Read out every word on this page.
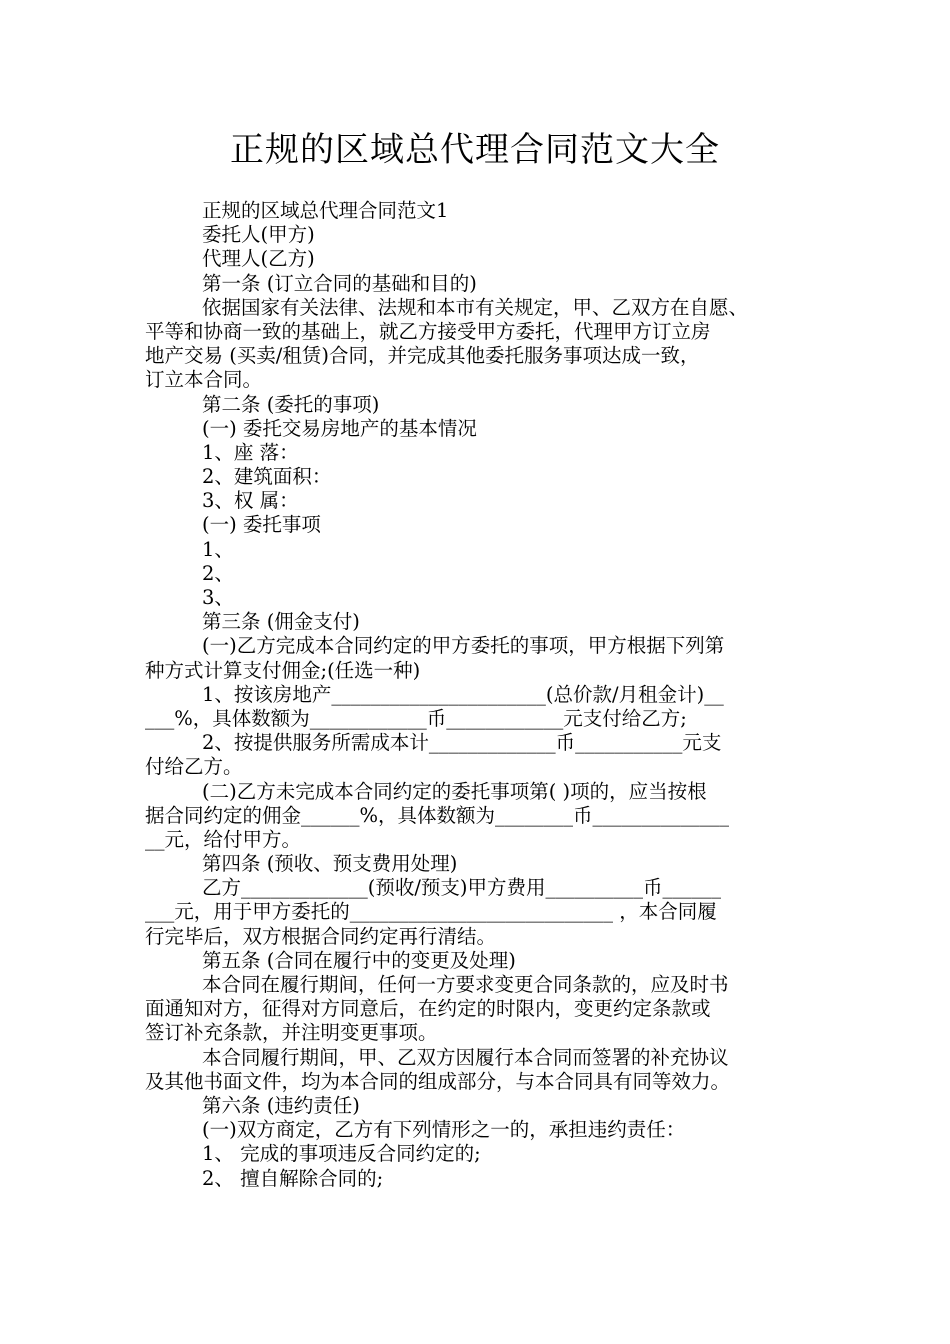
正规的区域总代理合同范文大全

正规的区域总代理合同范文1

委托人(甲方)

代理人(乙方)

第一条 (订立合同的基础和目的)

依据国家有关法律、法规和本市有关规定，甲、乙双方在自愿、

平等和协商一致的基础上，就乙方接受甲方委托，代理甲方订立房

地产交易 (买卖/租赁)合同，并完成其他委托服务事项达成一致，

订立本合同。

第二条 (委托的事项)

(一) 委托交易房地产的基本情况

1、座 落：

2、建筑面积：

3、权 属：

(一) 委托事项

1、

2、

3、

第三条 (佣金支付)

(一)乙方完成本合同约定的甲方委托的事项，甲方根据下列第

种方式计算支付佣金;(任选一种)

1、按该房地产______________________(总价款/月租金计)__

___%，具体数额为____________币____________元支付给乙方;

2、按提供服务所需成本计_____________币___________元支

付给乙方。

(二)乙方未完成本合同约定的委托事项第( )项的，应当按根

据合同约定的佣金______%，具体数额为________币______________

__元，给付甲方。

第四条 (预收、预支费用处理)

乙方_____________(预收/预支)甲方费用__________币______

___元，用于甲方委托的___________________________ ，本合同履

行完毕后，双方根据合同约定再行清结。

第五条 (合同在履行中的变更及处理)

本合同在履行期间，任何一方要求变更合同条款的，应及时书

面通知对方，征得对方同意后，在约定的时限内，变更约定条款或

签订补充条款，并注明变更事项。

本合同履行期间，甲、乙双方因履行本合同而签署的补充协议

及其他书面文件，均为本合同的组成部分，与本合同具有同等效力。

第六条 (违约责任)

(一)双方商定，乙方有下列情形之一的，承担违约责任：

1、 完成的事项违反合同约定的;

2、 擅自解除合同的;
